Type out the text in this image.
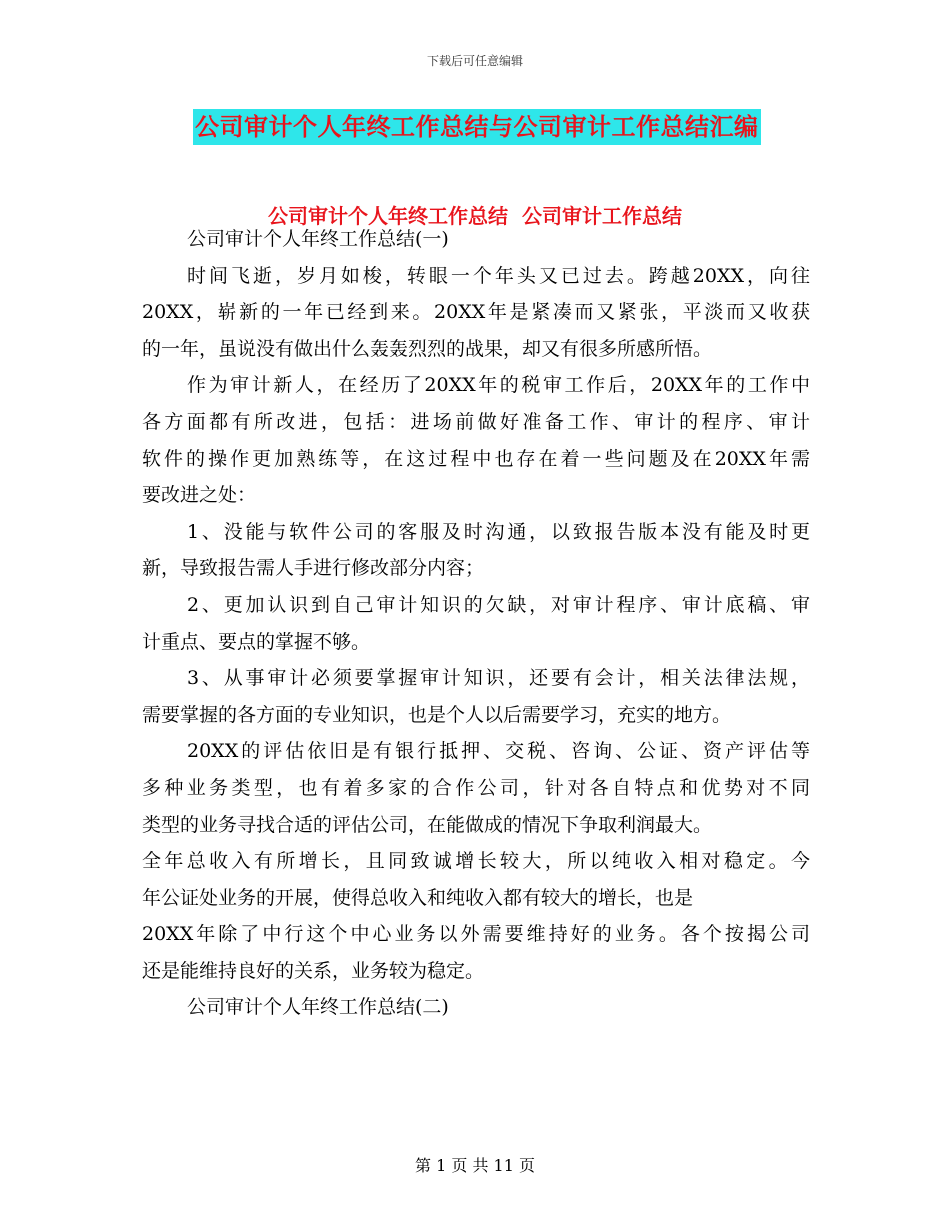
下载后可任意编辑
公司审计个人年终工作总结与公司审计工作总结汇编
公司审计个人年终工作总结  公司审计工作总结
公司审计个人年终工作总结(一)
时间飞逝，岁月如梭，转眼一个年头又已过去。跨越20XX，向往
20XX，崭新的一年已经到来。20XX年是紧凑而又紧张，平淡而又收获
的一年，虽说没有做出什么轰轰烈烈的战果，却又有很多所感所悟。
作为审计新人，在经历了20XX年的税审工作后，20XX年的工作中
各方面都有所改进，包括：进场前做好准备工作、审计的程序、审计
软件的操作更加熟练等，在这过程中也存在着一些问题及在20XX年需
要改进之处：
1、没能与软件公司的客服及时沟通，以致报告版本没有能及时更
新，导致报告需人手进行修改部分内容；
2、更加认识到自己审计知识的欠缺，对审计程序、审计底稿、审
计重点、要点的掌握不够。
3、从事审计必须要掌握审计知识，还要有会计，相关法律法规，
需要掌握的各方面的专业知识，也是个人以后需要学习，充实的地方。
20XX的评估依旧是有银行抵押、交税、咨询、公证、资产评估等
多种业务类型，也有着多家的合作公司，针对各自特点和优势对不同
类型的业务寻找合适的评估公司，在能做成的情况下争取利润最大。
全年总收入有所增长，且同致诚增长较大，所以纯收入相对稳定。今
年公证处业务的开展，使得总收入和纯收入都有较大的增长，也是
20XX年除了中行这个中心业务以外需要维持好的业务。各个按揭公司
还是能维持良好的关系，业务较为稳定。
公司审计个人年终工作总结(二)
第 1 页 共 11 页
